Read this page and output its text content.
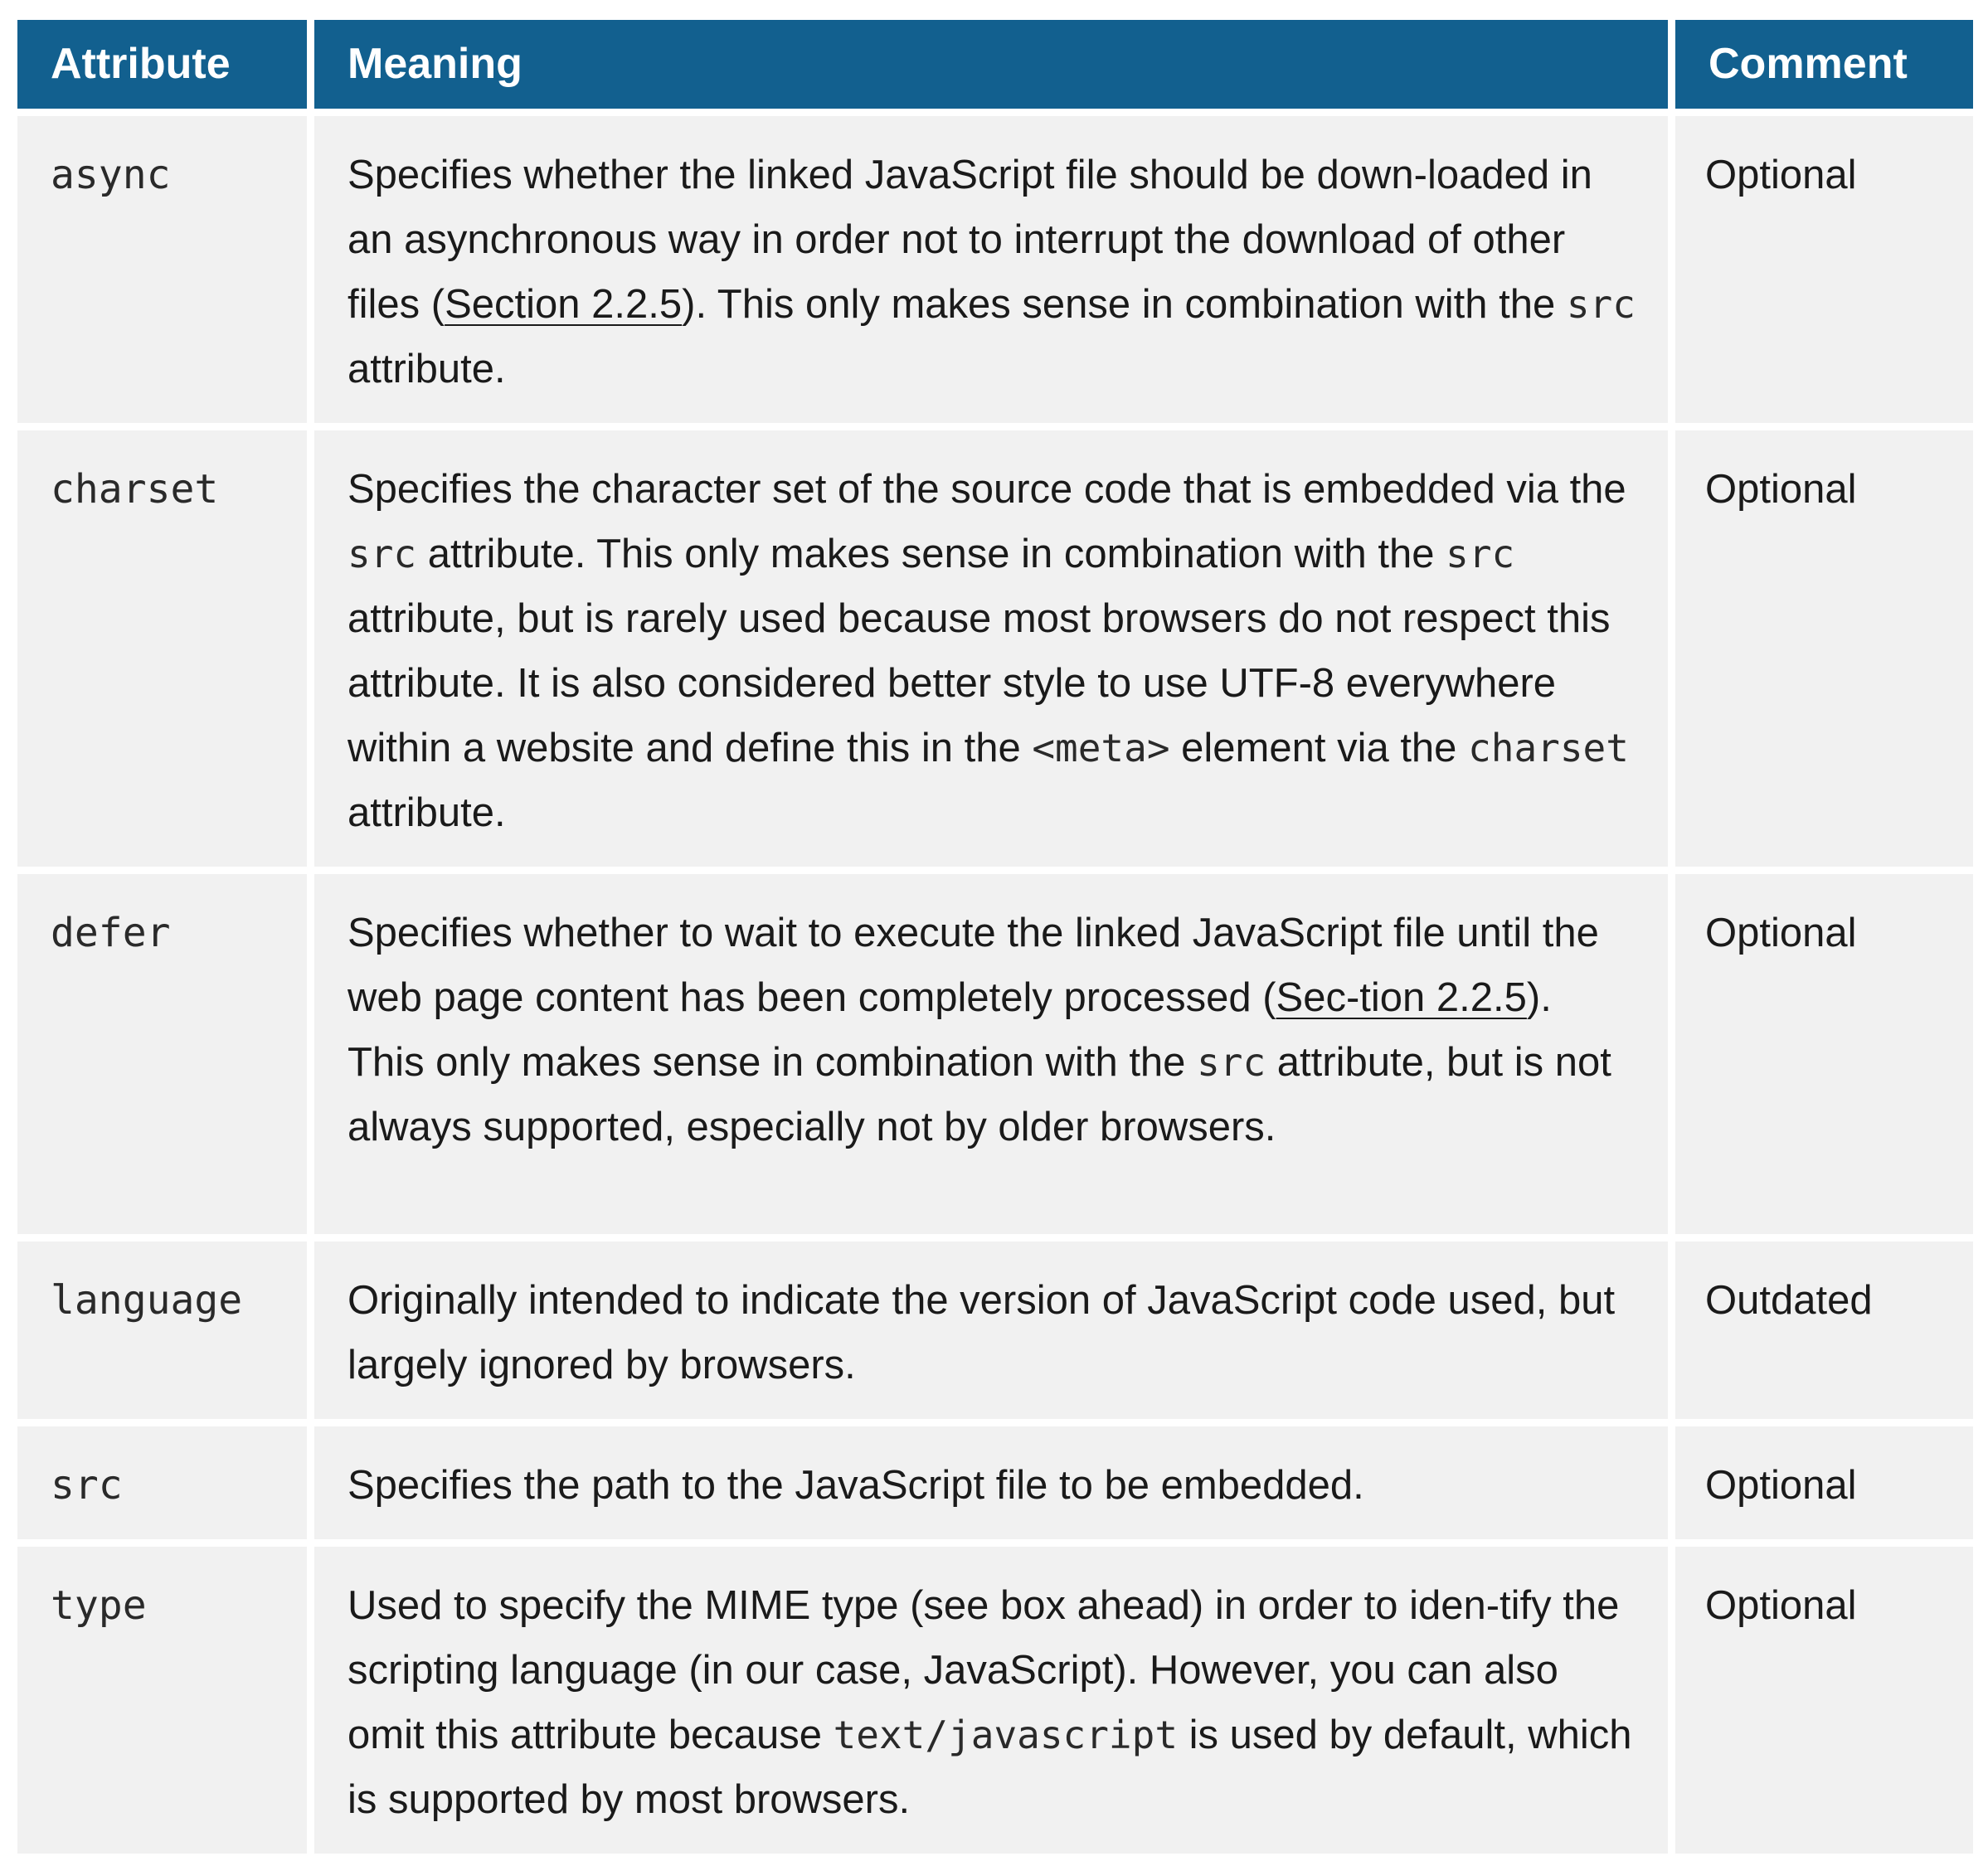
Attribute	Meaning	Comment
async	Specifies whether the linked JavaScript file should be down-loaded in an asynchronous way in order not to interrupt the download of other files (Section 2.2.5). This only makes sense in combination with the src attribute.	Optional
charset	Specifies the character set of the source code that is embedded via the src attribute. This only makes sense in combination with the src attribute, but is rarely used because most browsers do not respect this attribute. It is also considered better style to use UTF-8 everywhere within a website and define this in the <meta> element via the charset attribute.	Optional
defer	Specifies whether to wait to execute the linked JavaScript file until the web page content has been completely processed (Sec-tion 2.2.5). This only makes sense in combination with the src attribute, but is not always supported, especially not by older browsers.	Optional
language	Originally intended to indicate the version of JavaScript code used, but largely ignored by browsers.	Outdated
src	Specifies the path to the JavaScript file to be embedded.	Optional
type	Used to specify the MIME type (see box ahead) in order to iden-tify the scripting language (in our case, JavaScript). However, you can also omit this attribute because text/javascript is used by default, which is supported by most browsers.	Optional
